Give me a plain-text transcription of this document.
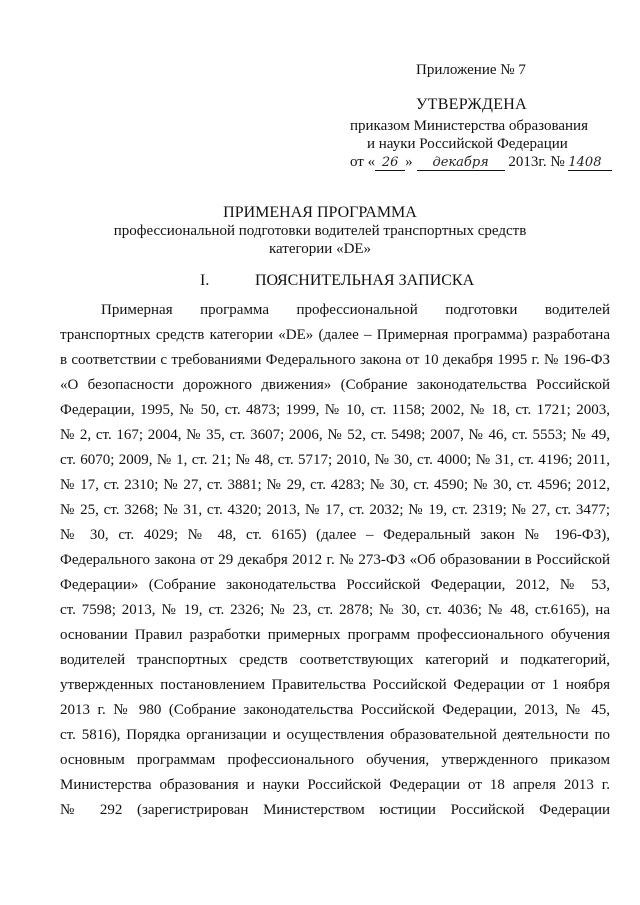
Приложение № 7
УТВЕРЖДЕНА
приказом Министерства образования
и науки Российской Федерации
от « 26 » декабря 2013г. № 1408
ПРИМЕНАЯ ПРОГРАММА
профессиональной подготовки водителей транспортных средств
категории «DE»
I.	ПОЯСНИТЕЛЬНАЯ ЗАПИСКА
Примерная программа профессиональной подготовки водителей
транспортных средств категории «DE» (далее – Примерная программа) разработана
в соответствии с требованиями Федерального закона от 10 декабря 1995 г. № 196-ФЗ
«О безопасности дорожного движения» (Собрание законодательства Российской
Федерации, 1995, № 50, ст. 4873; 1999, № 10, ст. 1158; 2002, № 18, ст. 1721; 2003,
№ 2, ст. 167; 2004, № 35, ст. 3607; 2006, № 52, ст. 5498; 2007, № 46, ст. 5553; № 49,
ст. 6070; 2009, № 1, ст. 21; № 48, ст. 5717; 2010, № 30, ст. 4000; № 31, ст. 4196; 2011,
№ 17, ст. 2310; № 27, ст. 3881; № 29, ст. 4283; № 30, ст. 4590; № 30, ст. 4596; 2012,
№ 25, ст. 3268; № 31, ст. 4320; 2013, № 17, ст. 2032; № 19, ст. 2319; № 27, ст. 3477;
№ 30, ст. 4029; № 48, ст. 6165) (далее – Федеральный закон № 196-ФЗ),
Федерального закона от 29 декабря 2012 г. № 273-ФЗ «Об образовании в Российской
Федерации» (Собрание законодательства Российской Федерации, 2012, № 53,
ст. 7598; 2013, № 19, ст. 2326; № 23, ст. 2878; № 30, ст. 4036; № 48, ст.6165), на
основании Правил разработки примерных программ профессионального обучения
водителей транспортных средств соответствующих категорий и подкатегорий,
утвержденных постановлением Правительства Российской Федерации от 1 ноября
2013 г. № 980 (Собрание законодательства Российской Федерации, 2013, № 45,
ст. 5816), Порядка организации и осуществления образовательной деятельности по
основным программам профессионального обучения, утвержденного приказом
Министерства образования и науки Российской Федерации от 18 апреля 2013 г.
№ 292 (зарегистрирован Министерством юстиции Российской Федерации
